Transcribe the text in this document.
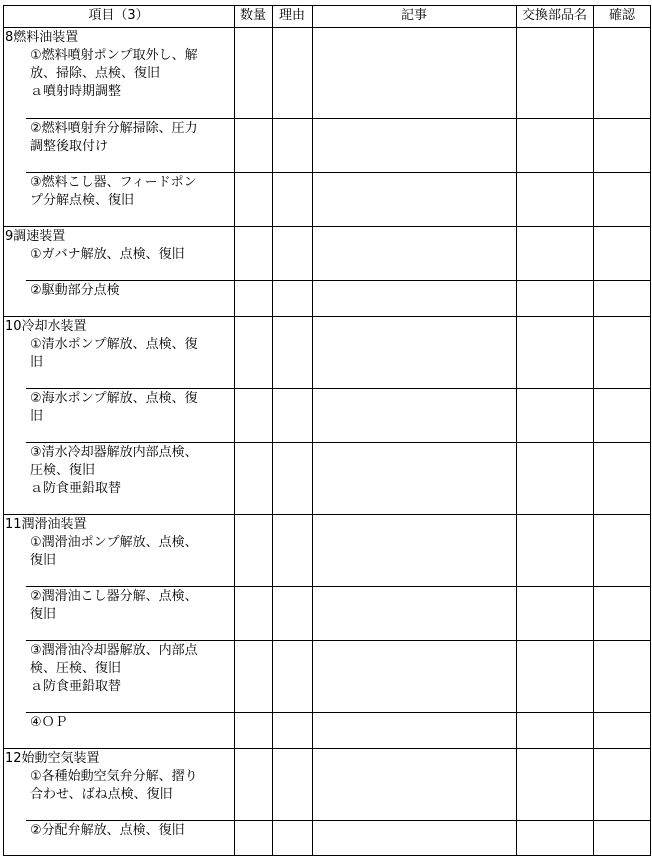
項目（3）	数量 理由	記事	交換部品名	確認
8燃料油装置
①燃料噴射ポンプ取外し、解
放、掃除、点検、復旧
ａ噴射時期調整
②燃料噴射弁分解掃除、圧力
調整後取付け
③燃料こし器、フィードポン
プ分解点検、復旧
9調速装置
①ガバナ解放、点検、復旧
②駆動部分点検
10冷却水装置
①清水ポンプ解放、点検、復
旧
②海水ポンプ解放、点検、復
旧
③清水冷却器解放内部点検、
圧検、復旧
ａ防食亜鉛取替
11潤滑油装置
①潤滑油ポンプ解放、点検、
復旧
②潤滑油こし器分解、点検、
復旧
③潤滑油冷却器解放、内部点
検、圧検、復旧
ａ防食亜鉛取替
④ＯＰ
12始動空気装置
①各種始動空気弁分解、摺り
合わせ、ばね点検、復旧
②分配弁解放、点検、復旧
